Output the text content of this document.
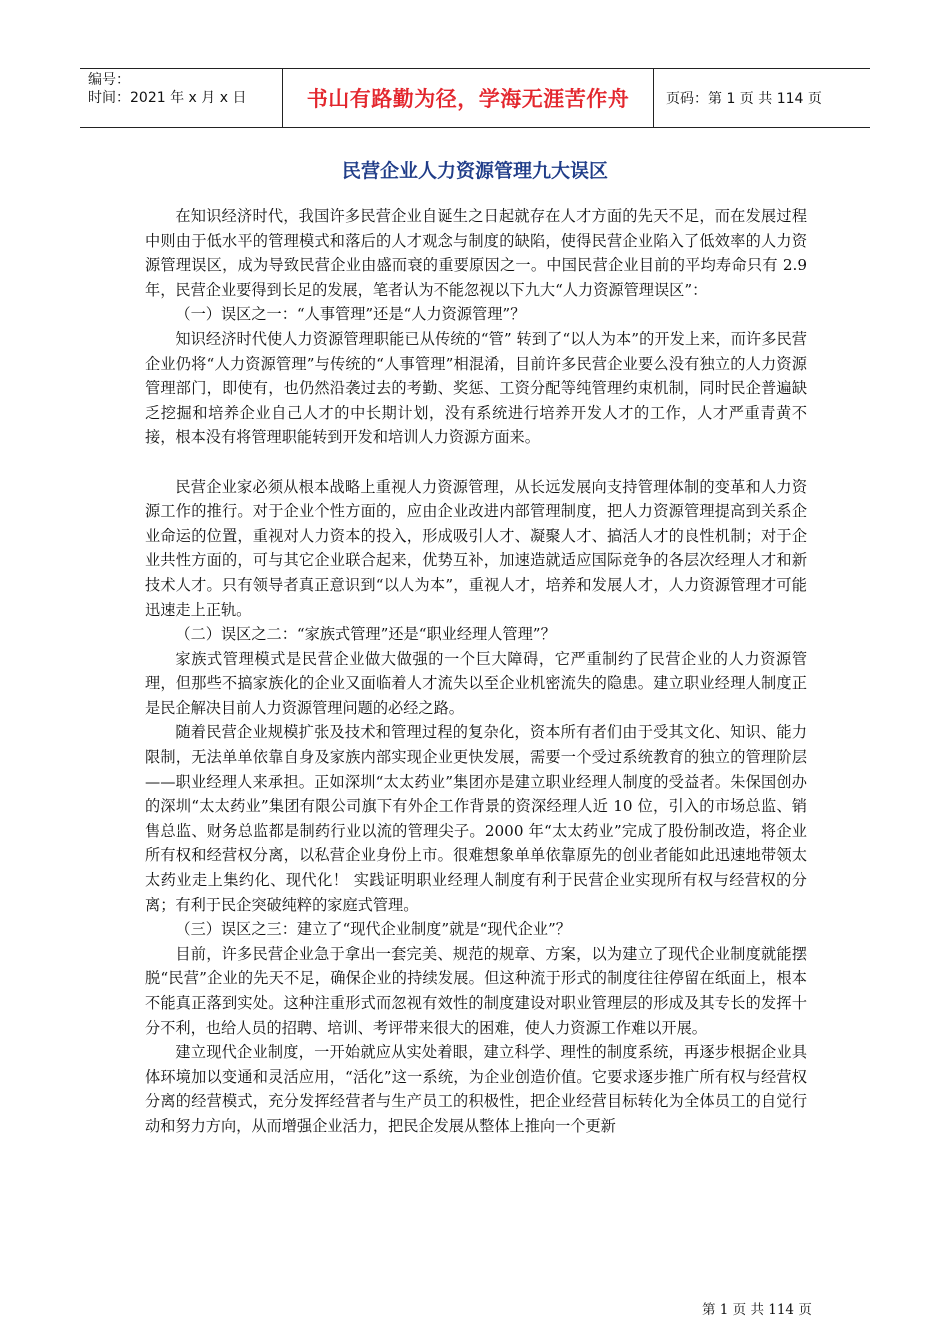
编号：
时间：2021 年 x 月 x 日	书山有路勤为径，学海无涯苦作舟	页码：第 1 页 共 114 页
民营企业人力资源管理九大误区

在知识经济时代，我国许多民营企业自诞生之日起就存在人才方面的先天不足，而在发展过程中则由于低水平的管理模式和落后的人才观念与制度的缺陷，使得民营企业陷入了低效率的人力资源管理误区，成为导致民营企业由盛而衰的重要原因之一。中国民营企业目前的平均寿命只有 2.9 年，民营企业要得到长足的发展，笔者认为不能忽视以下九大“人力资源管理误区”：

（一）误区之一：“人事管理”还是“人力资源管理”？

知识经济时代使人力资源管理职能已从传统的“管” 转到了“以人为本”的开发上来，而许多民营企业仍将“人力资源管理”与传统的“人事管理”相混淆，目前许多民营企业要么没有独立的人力资源管理部门，即使有，也仍然沿袭过去的考勤、奖惩、工资分配等纯管理约束机制，同时民企普遍缺乏挖掘和培养企业自己人才的中长期计划，没有系统进行培养开发人才的工作，人才严重青黄不接，根本没有将管理职能转到开发和培训人力资源方面来。

民营企业家必须从根本战略上重视人力资源管理，从长远发展向支持管理体制的变革和人力资源工作的推行。对于企业个性方面的，应由企业改进内部管理制度，把人力资源管理提高到关系企业命运的位置，重视对人力资本的投入，形成吸引人才、凝聚人才、搞活人才的良性机制；对于企业共性方面的，可与其它企业联合起来，优势互补，加速造就适应国际竞争的各层次经理人才和新技术人才。只有领导者真正意识到“以人为本”，重视人才，培养和发展人才，人力资源管理才可能迅速走上正轨。

（二）误区之二：“家族式管理”还是“职业经理人管理”？

家族式管理模式是民营企业做大做强的一个巨大障碍，它严重制约了民营企业的人力资源管理，但那些不搞家族化的企业又面临着人才流失以至企业机密流失的隐患。建立职业经理人制度正是民企解决目前人力资源管理问题的必经之路。

随着民营企业规模扩张及技术和管理过程的复杂化，资本所有者们由于受其文化、知识、能力限制，无法单单依靠自身及家族内部实现企业更快发展，需要一个受过系统教育的独立的管理阶层——职业经理人来承担。正如深圳“太太药业”集团亦是建立职业经理人制度的受益者。朱保国创办的深圳“太太药业”集团有限公司旗下有外企工作背景的资深经理人近 10 位，引入的市场总监、销售总监、财务总监都是制药行业以流的管理尖子。2000 年“太太药业”完成了股份制改造，将企业所有权和经营权分离，以私营企业身份上市。很难想象单单依靠原先的创业者能如此迅速地带领太太药业走上集约化、现代化！ 实践证明职业经理人制度有利于民营企业实现所有权与经营权的分离；有利于民企突破纯粹的家庭式管理。

（三）误区之三：建立了“现代企业制度”就是“现代企业”？

目前，许多民营企业急于拿出一套完美、规范的规章、方案，以为建立了现代企业制度就能摆脱“民营”企业的先天不足，确保企业的持续发展。但这种流于形式的制度往往停留在纸面上，根本不能真正落到实处。这种注重形式而忽视有效性的制度建设对职业管理层的形成及其专长的发挥十分不利，也给人员的招聘、培训、考评带来很大的困难，使人力资源工作难以开展。

建立现代企业制度，一开始就应从实处着眼，建立科学、理性的制度系统，再逐步根据企业具体环境加以变通和灵活应用，“活化”这一系统，为企业创造价值。它要求逐步推广所有权与经营权分离的经营模式，充分发挥经营者与生产员工的积极性，把企业经营目标转化为全体员工的自觉行动和努力方向，从而增强企业活力，把民企发展从整体上推向一个更新

第 1 页 共 114 页
